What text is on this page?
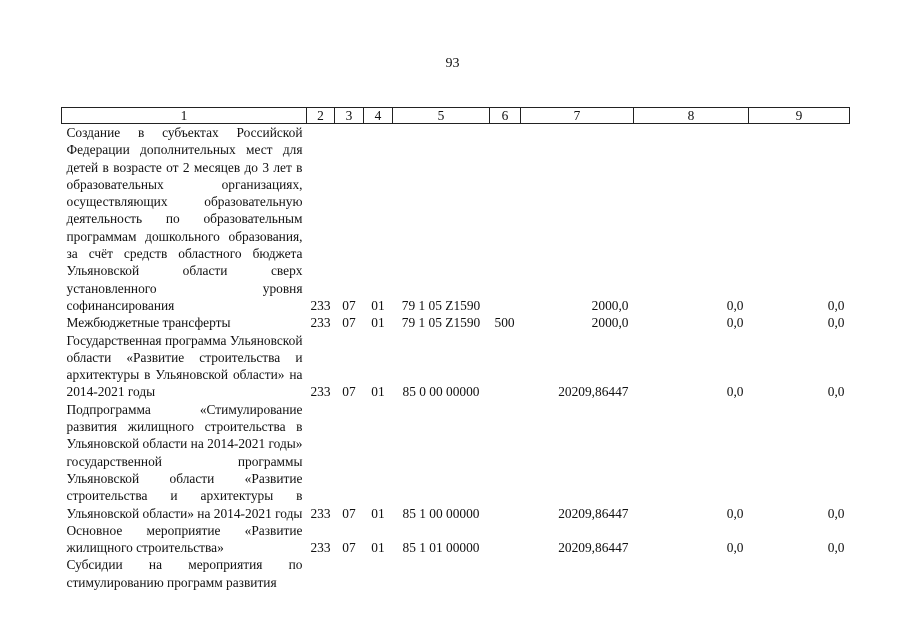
93
1	2	3	4	5	6	7	8	9
Создание в субъектах Российской Федерации дополнительных мест для детей в возрасте от 2 месяцев до 3 лет в образовательных организациях, осуществляющих образовательную деятельность по образовательным программам дошкольного образования, за счёт средств областного бюджета Ульяновской области сверх установленного уровня софинансирования	233	07	01	79 1 05 Z1590		2000,0	0,0	0,0
Межбюджетные трансферты	233	07	01	79 1 05 Z1590	500	2000,0	0,0	0,0
Государственная программа Ульяновской области «Развитие строительства и архитектуры в Ульяновской области» на 2014-2021 годы	233	07	01	85 0 00 00000		20209,86447	0,0	0,0
Подпрограмма «Стимулирование развития жилищного строительства в Ульяновской области на 2014-2021 годы» государственной программы Ульяновской области «Развитие строительства и архитектуры в Ульяновской области» на 2014-2021 годы	233	07	01	85 1 00 00000		20209,86447	0,0	0,0
Основное мероприятие «Развитие жилищного строительства»	233	07	01	85 1 01 00000		20209,86447	0,0	0,0
Субсидии на мероприятия по стимулированию программ развития								
